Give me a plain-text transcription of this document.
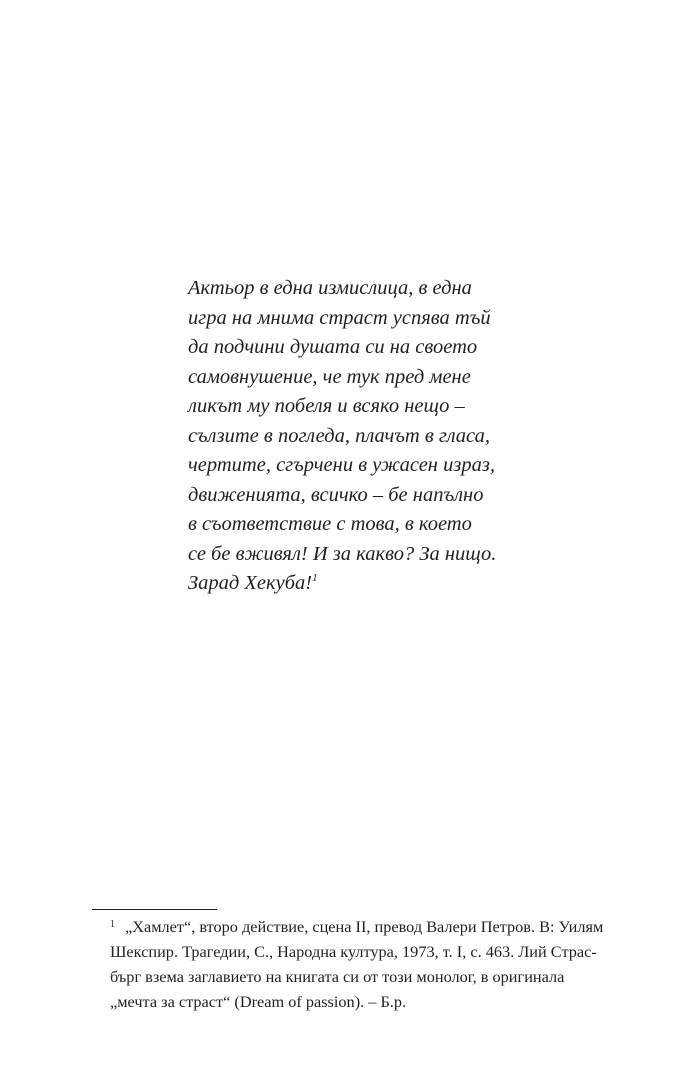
Актьор в една измислица, в една
игра на мнима страст успява тъй
да подчини душата си на своето
самовнушение, че тук пред мене
ликът му побеля и всяко нещо –
сълзите в погледа, плачът в гласа,
чертите, сгърчени в ужасен израз,
движенията, всичко – бе напълно
в съответствие с това, в което
се бе вживял! И за какво? За нищо.
Зарад Хекуба!$^1$
1 „Хамлет“, второ действие, сцена II, превод Валери Петров. В: Уилям
Шекспир. Трагедии, С., Народна култура, 1973, т. I, с. 463. Лий Страс-
бърг взема заглавието на книгата си от този монолог, в оригинала
„мечта за страст“ (Dream of passion). – Б.р.
